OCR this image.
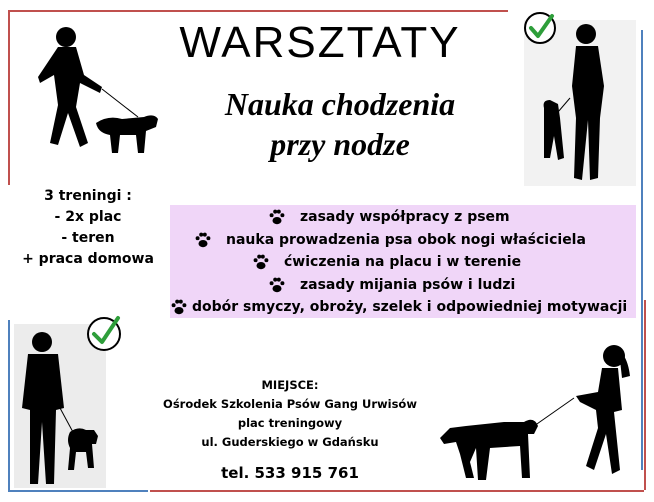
WARSZTATY
Nauka chodzenia
przy nodze
3 treningi :
- 2x plac
- teren
+ praca domowa
zasady współpracy z psem
nauka prowadzenia psa obok nogi właściciela
ćwiczenia na placu i w terenie
zasady mijania psów i ludzi
dobór smyczy, obroży, szelek i odpowiedniej motywacji
MIEJSCE:
Ośrodek Szkolenia Psów Gang Urwisów
plac treningowy
ul. Guderskiego w Gdańsku
tel. 533 915 761
